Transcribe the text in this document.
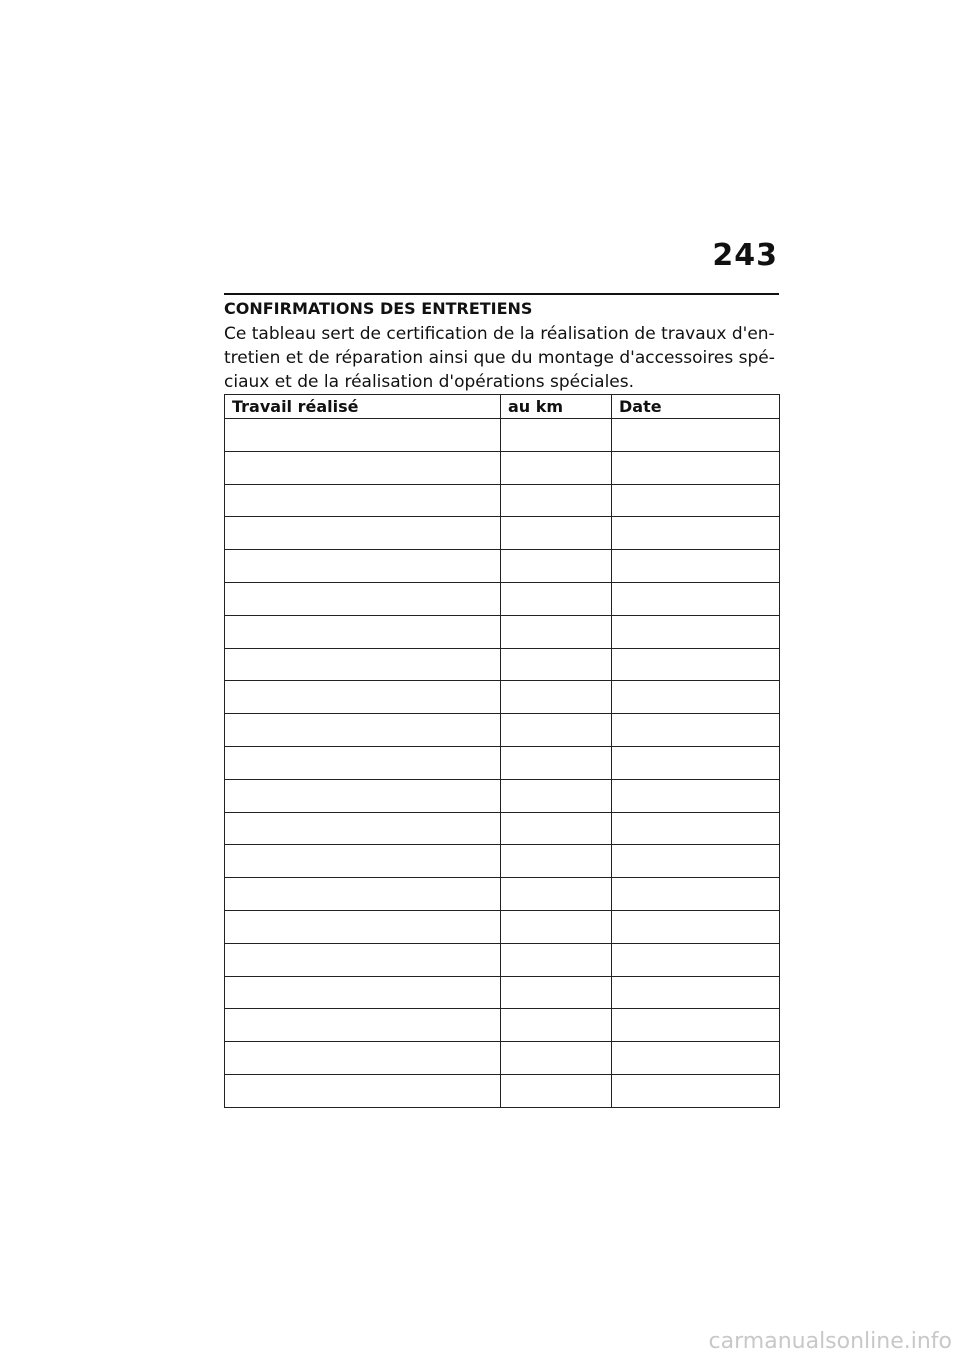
243
CONFIRMATIONS DES ENTRETIENS
Ce tableau sert de certification de la réalisation de travaux d'en-
tretien et de réparation ainsi que du montage d'accessoires spé-
ciaux et de la réalisation d'opérations spéciales.
Travail réalisé	au km	Date

carmanualsonline.info
